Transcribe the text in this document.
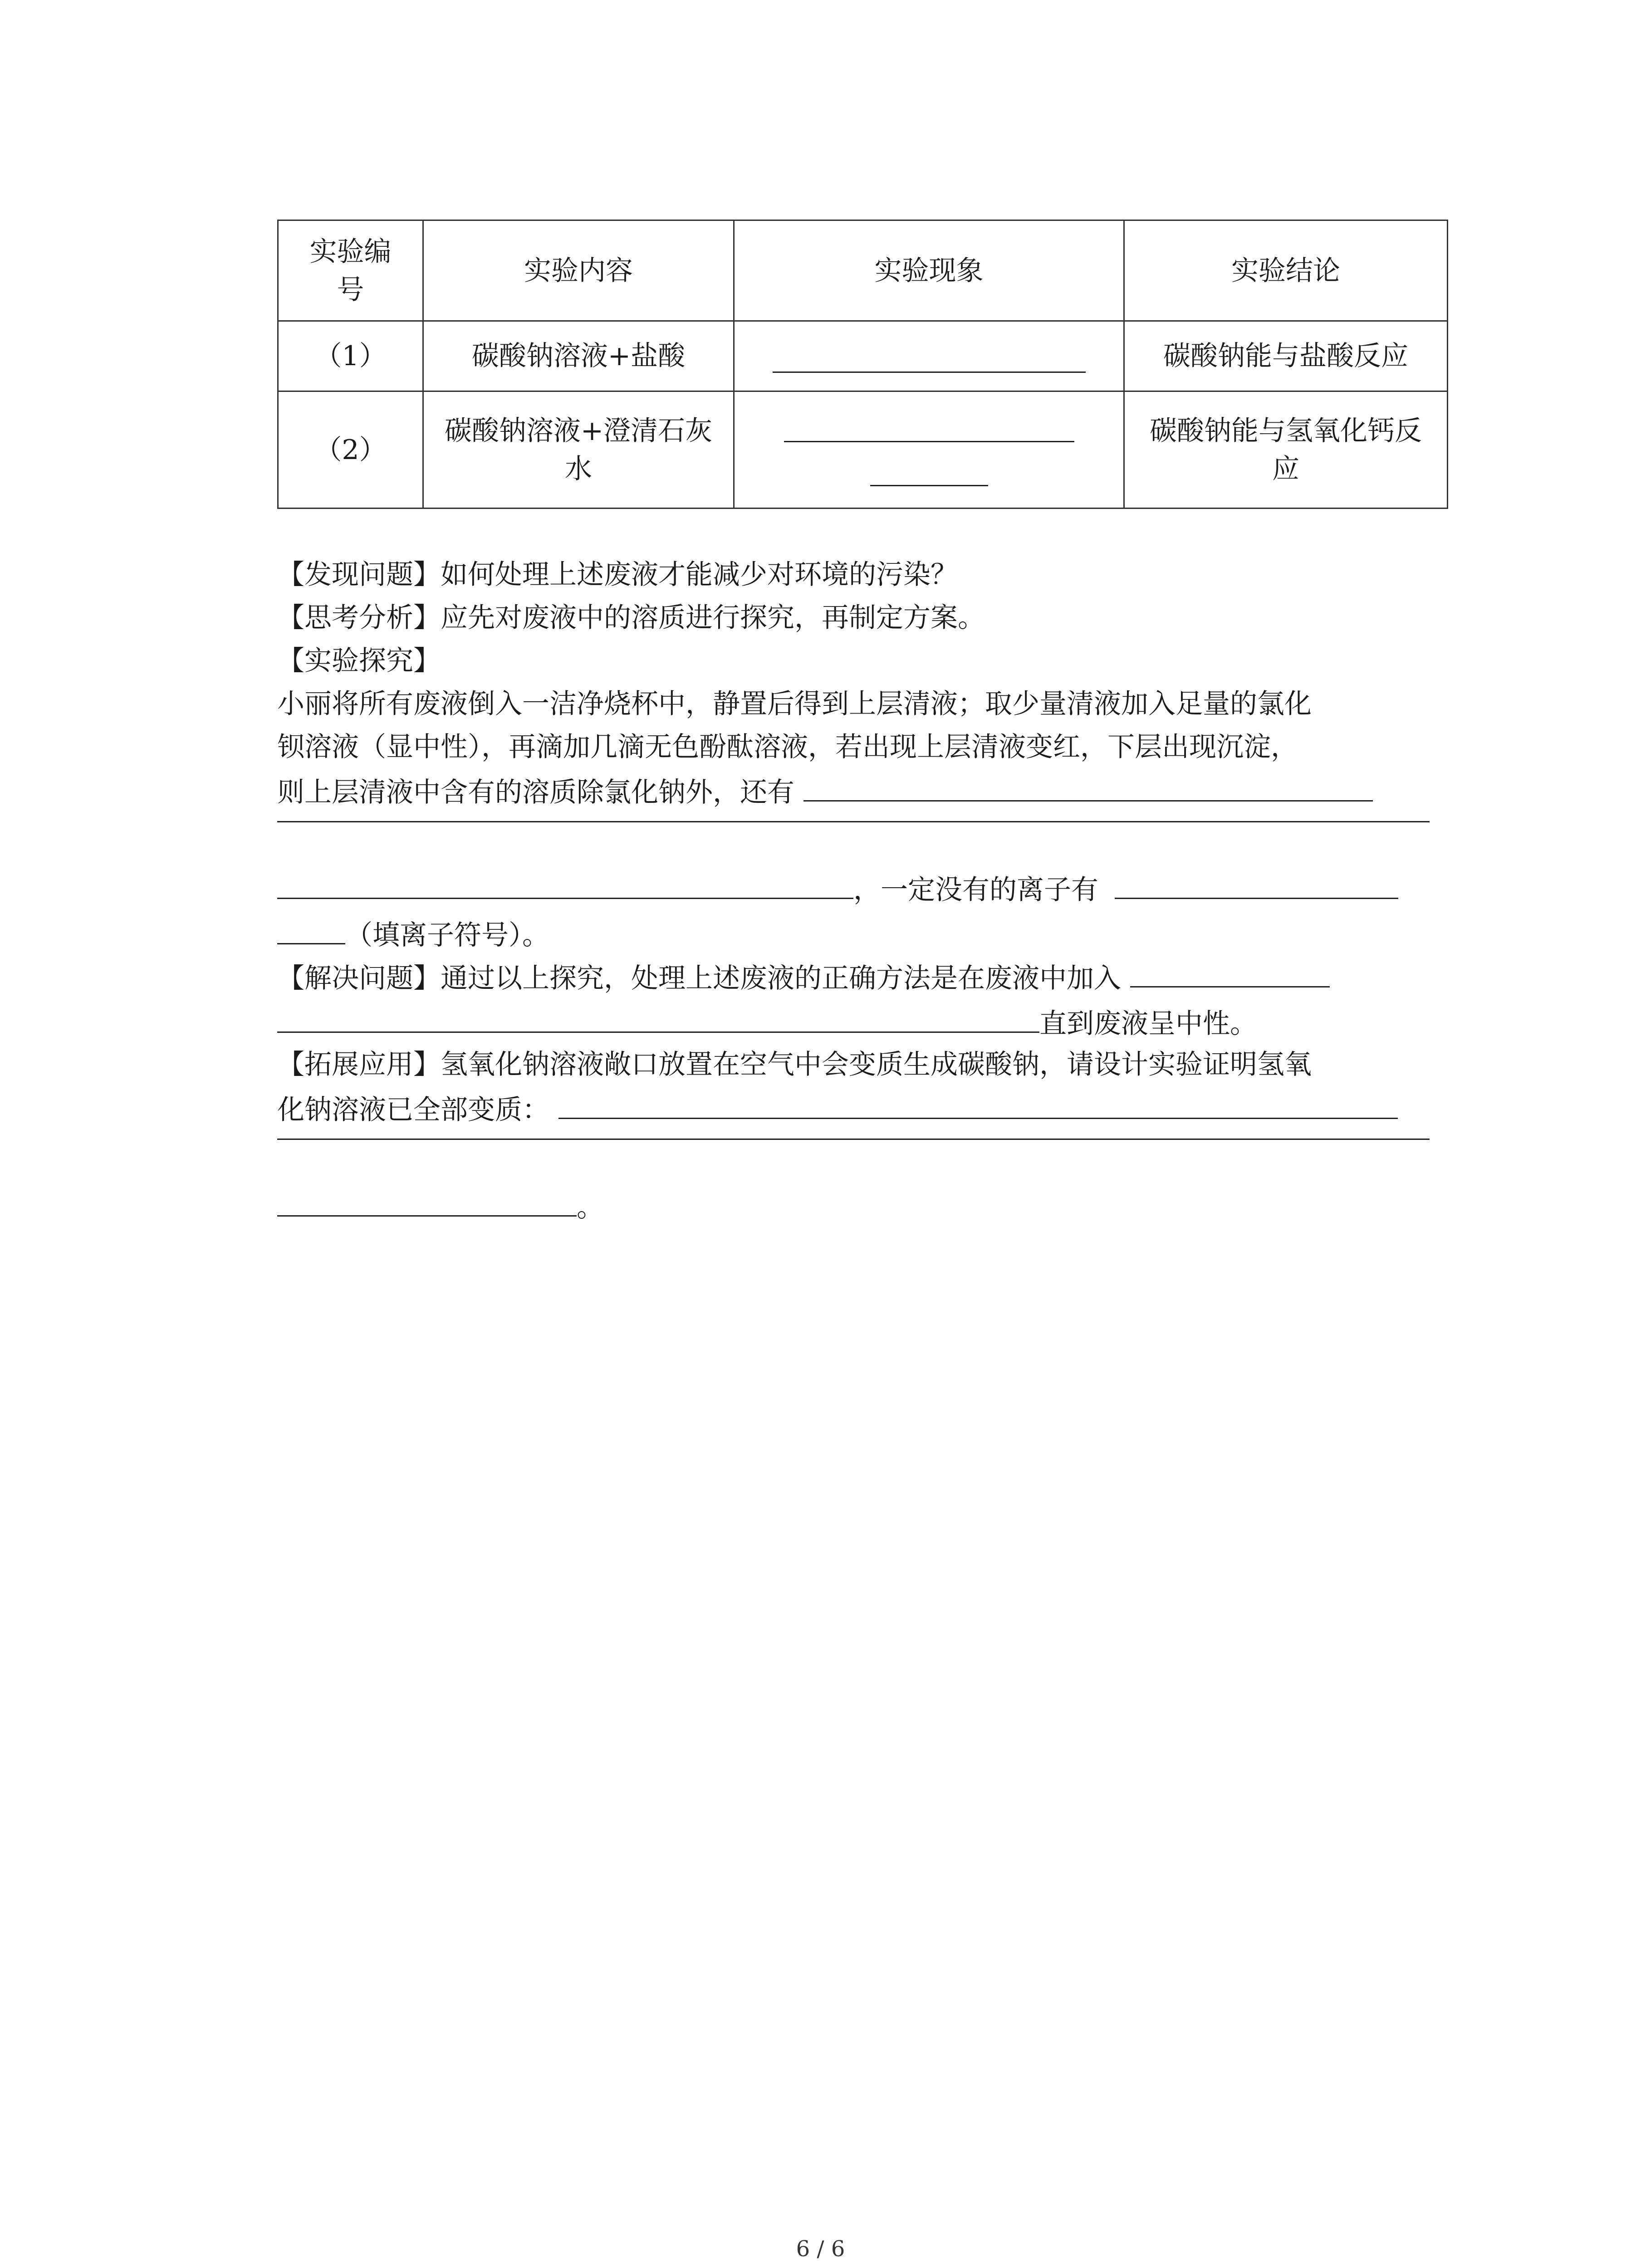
实验编号	实验内容	实验现象	实验结论
（1）	碳酸钠溶液+盐酸		碳酸钠能与盐酸反应
（2）	碳酸钠溶液+澄清石灰水		碳酸钠能与氢氧化钙反应
【发现问题】如何处理上述废液才能减少对环境的污染？
【思考分析】应先对废液中的溶质进行探究，再制定方案。
【实验探究】
小丽将所有废液倒入一洁净烧杯中，静置后得到上层清液；取少量清液加入足量的氯化
钡溶液（显中性），再滴加几滴无色酚酞溶液，若出现上层清液变红，下层出现沉淀，
则上层清液中含有的溶质除氯化钠外，还有
，一定没有的离子有
（填离子符号）。
【解决问题】通过以上探究，处理上述废液的正确方法是在废液中加入
直到废液呈中性。
【拓展应用】氢氧化钠溶液敞口放置在空气中会变质生成碳酸钠，请设计实验证明氢氧
化钠溶液已全部变质：
。
6 / 6
